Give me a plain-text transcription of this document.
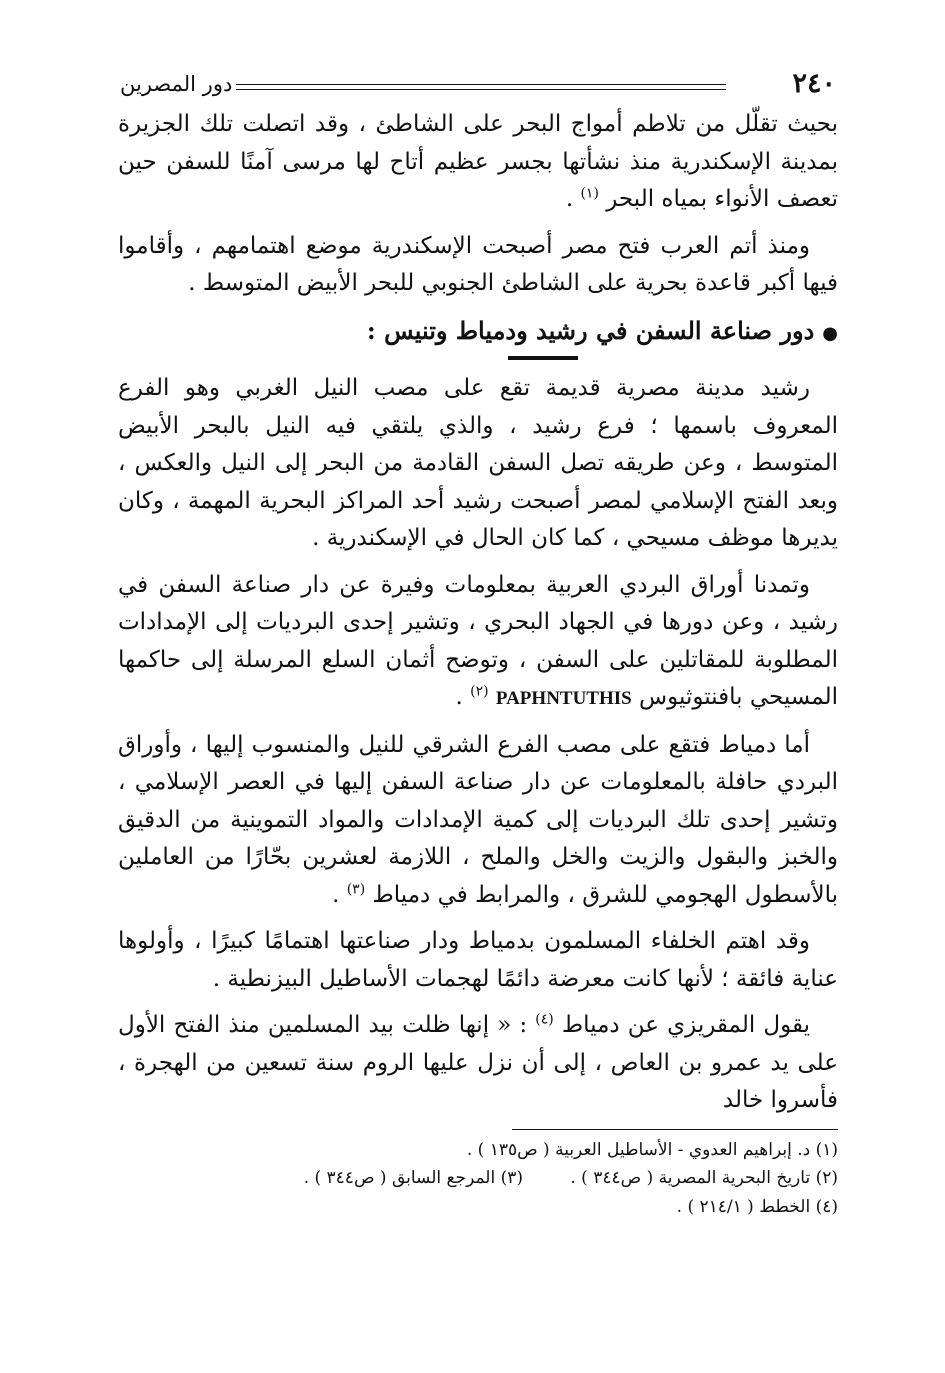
٢٤٠
دور المصرين

بحيث تقلّل من تلاطم أمواج البحر على الشاطئ ، وقد اتصلت تلك الجزيرة بمدينة الإسكندرية منذ نشأتها بجسر عظيم أتاح لها مرسى آمنًا للسفن حين تعصف الأنواء بمياه البحر $^{(١)}$ .

ومنذ أتم العرب فتح مصر أصبحت الإسكندرية موضع اهتمامهم ، وأقاموا فيها أكبر قاعدة بحرية على الشاطئ الجنوبي للبحر الأبيض المتوسط .

●دور صناعة السفن في رشيد ودمياط وتنيس :

رشيد مدينة مصرية قديمة تقع على مصب النيل الغربي وهو الفرع المعروف باسمها ؛ فرع رشيد ، والذي يلتقي فيه النيل بالبحر الأبيض المتوسط ، وعن طريقه تصل السفن القادمة من البحر إلى النيل والعكس ، وبعد الفتح الإسلامي لمصر أصبحت رشيد أحد المراكز البحرية المهمة ، وكان يديرها موظف مسيحي ، كما كان الحال في الإسكندرية .

وتمدنا أوراق البردي العربية بمعلومات وفيرة عن دار صناعة السفن في رشيد ، وعن دورها في الجهاد البحري ، وتشير إحدى البرديات إلى الإمدادات المطلوبة للمقاتلين على السفن ، وتوضح أثمان السلع المرسلة إلى حاكمها المسيحي بافنتوثيوس PAPHNTUTHIS $^{(٢)}$ .

أما دمياط فتقع على مصب الفرع الشرقي للنيل والمنسوب إليها ، وأوراق البردي حافلة بالمعلومات عن دار صناعة السفن إليها في العصر الإسلامي ، وتشير إحدى تلك البرديات إلى كمية الإمدادات والمواد التموينية من الدقيق والخبز والبقول والزيت والخل والملح ، اللازمة لعشرين بحّارًا من العاملين بالأسطول الهجومي للشرق ، والمرابط في دمياط $^{(٣)}$ .

وقد اهتم الخلفاء المسلمون بدمياط ودار صناعتها اهتمامًا كبيرًا ، وأولوها عناية فائقة ؛ لأنها كانت معرضة دائمًا لهجمات الأساطيل البيزنطية .

يقول المقريزي عن دمياط $^{(٤)}$ : « إنها ظلت بيد المسلمين منذ الفتح الأول على يد عمرو بن العاص ، إلى أن نزل عليها الروم سنة تسعين من الهجرة ، فأسروا خالد

(١) د. إبراهيم العدوي - الأساطيل العربية ( ص١٣٥ ) .
(٢) تاريخ البحرية المصرية ( ص٣٤٤ ) .
(٣) المرجع السابق ( ص٣٤٤ ) .
(٤) الخطط ( ٢١٤/١ ) .
